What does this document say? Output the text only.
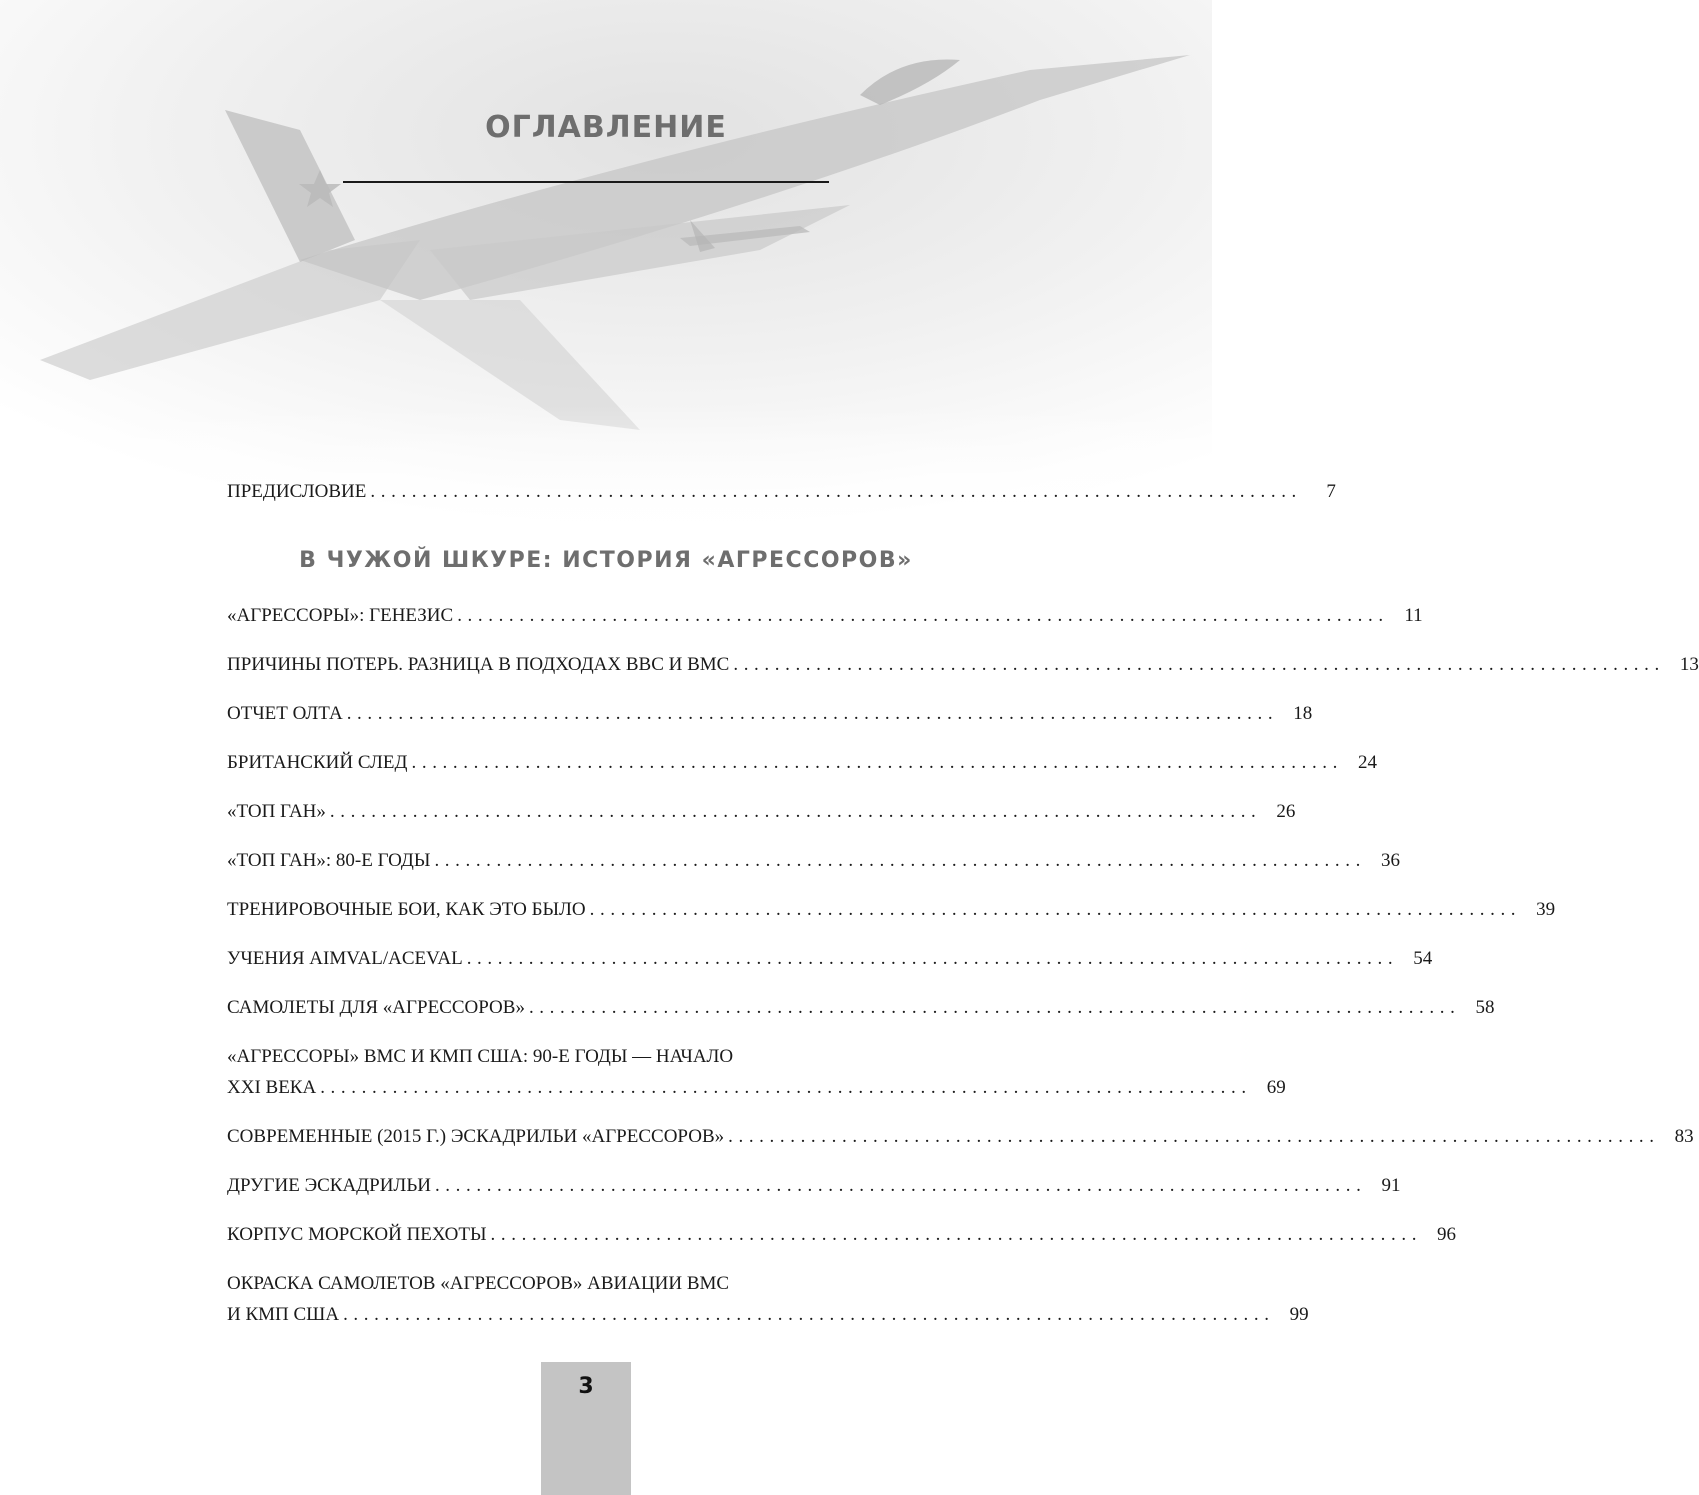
ОГЛАВЛЕНИЕ
ПРЕДИСЛОВИЕ ..........................................................................................	7
В ЧУЖОЙ ШКУРЕ: ИСТОРИЯ «АГРЕССОРОВ»
«АГРЕССОРЫ»: ГЕНЕЗИС .......................................................................................... 11
ПРИЧИНЫ ПОТЕРЬ. РАЗНИЦА В ПОДХОДАХ ВВС И ВМС .......................................................................................... 13
ОТЧЕТ ОЛТА .......................................................................................... 18
БРИТАНСКИЙ СЛЕД .......................................................................................... 24
«ТОП ГАН» .......................................................................................... 26
«ТОП ГАН»: 80-Е ГОДЫ .......................................................................................... 36
ТРЕНИРОВОЧНЫЕ БОИ, КАК ЭТО БЫЛО .......................................................................................... 39
УЧЕНИЯ AIMVAL/ACEVAL .......................................................................................... 54
САМОЛЕТЫ ДЛЯ «АГРЕССОРОВ» .......................................................................................... 58
«АГРЕССОРЫ» ВМС И КМП США: 90-Е ГОДЫ — НАЧАЛО
XXI ВЕКА .......................................................................................... 69
СОВРЕМЕННЫЕ (2015 Г.) ЭСКАДРИЛЬИ «АГРЕССОРОВ» .......................................................................................... 83
ДРУГИЕ ЭСКАДРИЛЬИ .......................................................................................... 91
КОРПУС МОРСКОЙ ПЕХОТЫ .......................................................................................... 96
ОКРАСКА САМОЛЕТОВ «АГРЕССОРОВ» АВИАЦИИ ВМС
И КМП США .......................................................................................... 99
3
